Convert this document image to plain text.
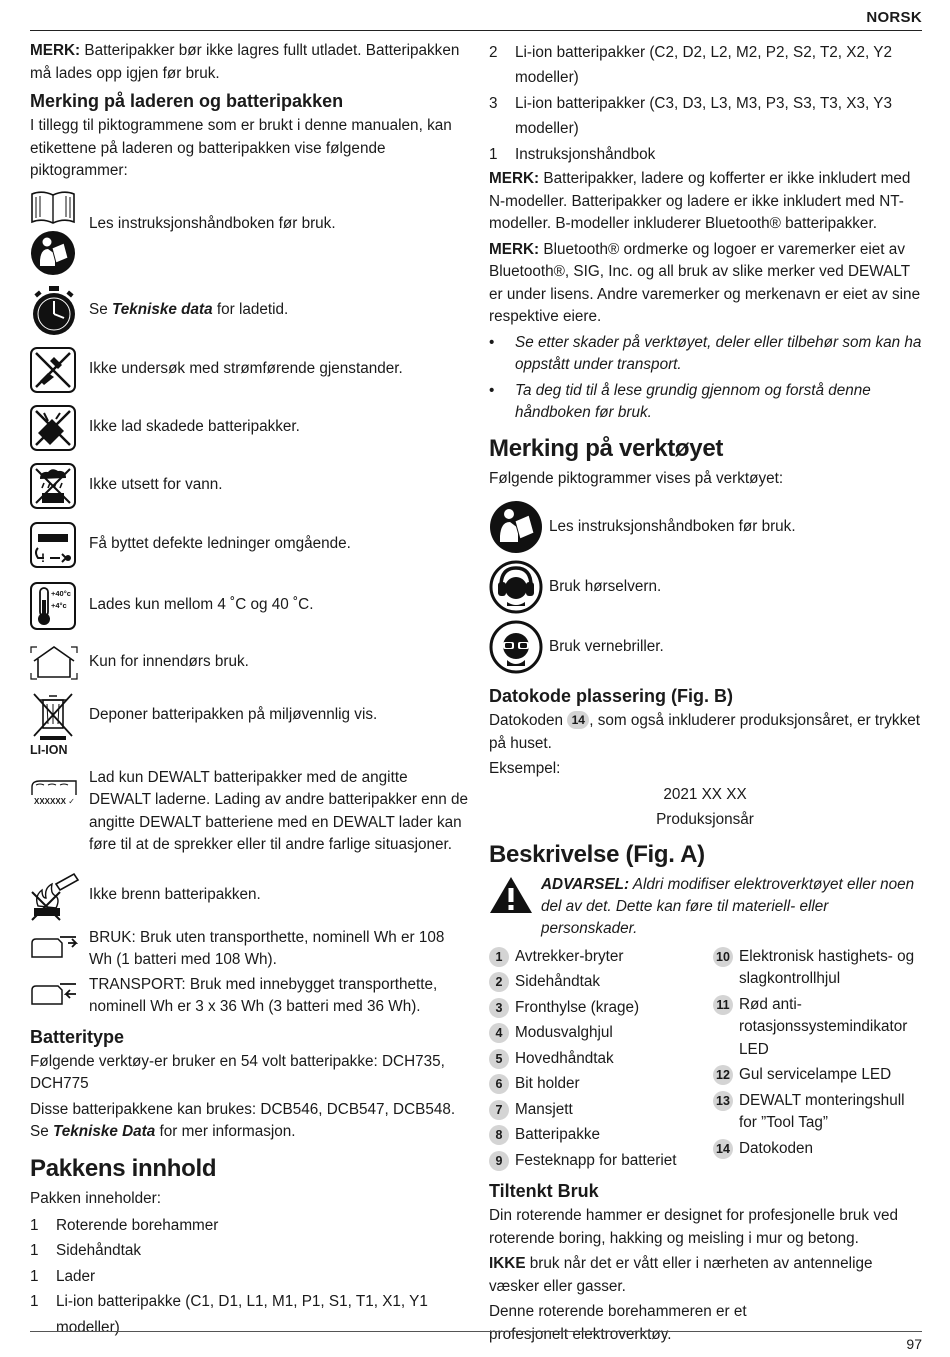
NORSK

MERK: Batteripakker bør ikke lagres fullt utladet. Batteripakken må lades opp igjen før bruk.

Merking på laderen og batteripakken

I tillegg til piktogrammene som er brukt i denne manualen, kan etikettene på laderen og batteripakken vise følgende piktogrammer:

Les instruksjonshåndboken før bruk.
Se Tekniske data for ladetid.
Ikke undersøk med strømførende gjenstander.
Ikke lad skadede batteripakker.
Ikke utsett for vann.
!
Få byttet defekte ledninger omgående.
+40°c
+4°c	Lades kun mellom 4 ˚C og 40 ˚C.
Kun for innendørs bruk.
LI-ION
Deponer batteripakken på miljøvennlig vis.
XXXXXX ✓
Lad kun DEWALT batteripakker med de angitte DEWALT laderne. Lading av andre batteripakker enn de angitte DEWALT batteriene med en DEWALT lader kan føre til at de sprekker eller til andre farlige situasjoner.
Ikke brenn batteripakken.
BRUK: Bruk uten transporthette, nominell Wh er 108 Wh (1 batteri med 108 Wh).
TRANSPORT: Bruk med innebygget transporthette, nominell Wh er 3 x 36 Wh (3 batteri med 36 Wh).
Batteritype

Følgende verktøy-er bruker en 54 volt batteripakke: DCH735, DCH775

Disse batteripakkene kan brukes: DCB546, DCB547, DCB548. Se Tekniske Data for mer informasjon.

Pakkens innhold

Pakken inneholder:

1	Roterende borehammer
1	Sidehåndtak
1	Lader
1	Li-ion batteripakke (C1, D1, L1, M1, P1, S1, T1, X1, Y1 modeller)
2	Li-ion batteripakker (C2, D2, L2, M2, P2, S2, T2, X2, Y2 modeller)
3	Li-ion batteripakker (C3, D3, L3, M3, P3, S3, T3, X3, Y3 modeller)
1	Instruksjonshåndbok

MERK: Batteripakker, ladere og kofferter er ikke inkludert med N-modeller. Batteripakker og ladere er ikke inkludert med NT-modeller. B-modeller inkluderer Bluetooth® batteripakker.

MERK: Bluetooth® ordmerke og logoer er varemerker eiet av Bluetooth®, SIG, Inc. og all bruk av slike merker ved DEWALT er under lisens. Andre varemerker og merkenavn er eiet av sine respektive eiere.

•	Se etter skader på verktøyet, deler eller tilbehør som kan ha oppstått under transport.
•	Ta deg tid til å lese grundig gjennom og forstå denne håndboken før bruk.
Merking på verktøyet

Følgende piktogrammer vises på verktøyet:

Les instruksjonshåndboken før bruk.
Bruk hørselvern.
Bruk vernebriller.
Datokode plassering (Fig. B)

Datokoden 14 , som også inkluderer produksjonsåret, er trykket på huset.

Eksempel:

2021 XX XX

Produksjonsår

Beskrivelse (Fig. A)
ADVARSEL: Aldri modifiser elektroverktøyet eller noen del av det. Dette kan føre til materiell- eller personskader.
1 Avtrekker-bryter
2 Sidehåndtak
3 Fronthylse (krage)
4 Modusvalghjul
5 Hovedhåndtak
6 Bit holder
7 Mansjett
8 Batteripakke
9 Festeknapp for batteriet
10 Elektronisk hastighets- og slagkontrollhjul
11 Rød anti-rotasjonssystemindikator LED
12 Gul servicelampe LED
13 DEWALT monteringshull for ”Tool Tag”
14 Datokoden
Tiltenkt Bruk

Din roterende hammer er designet for profesjonelle bruk ved roterende boring, hakking og meisling i mur og betong.

IKKE bruk når det er vått eller i nærheten av antennelige væsker eller gasser.

Denne roterende borehammeren er et profesjonelt elektroverktøy.

97
